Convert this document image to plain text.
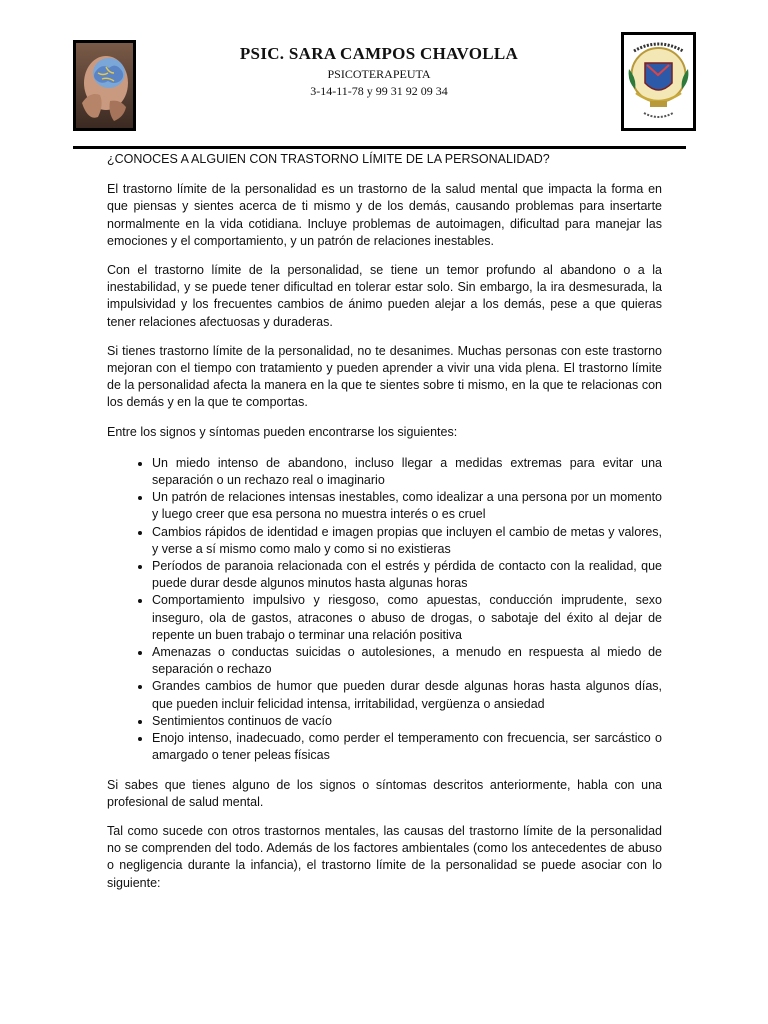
PSIC. SARA CAMPOS CHAVOLLA
PSICOTERAPEUTA
3-14-11-78 y 99 31 92 09 34
¿CONOCES A ALGUIEN CON TRASTORNO LÍMITE DE LA PERSONALIDAD?

El trastorno límite de la personalidad es un trastorno de la salud mental que impacta la forma en que piensas y sientes acerca de ti mismo y de los demás, causando problemas para insertarte normalmente en la vida cotidiana. Incluye problemas de autoimagen, dificultad para manejar las emociones y el comportamiento, y un patrón de relaciones inestables.

Con el trastorno límite de la personalidad, se tiene un temor profundo al abandono o a la inestabilidad, y se puede tener dificultad en tolerar estar solo. Sin embargo, la ira desmesurada, la impulsividad y los frecuentes cambios de ánimo pueden alejar a los demás, pese a que quieras tener relaciones afectuosas y duraderas.

Si tienes trastorno límite de la personalidad, no te desanimes. Muchas personas con este trastorno mejoran con el tiempo con tratamiento y pueden aprender a vivir una vida plena. El trastorno límite de la personalidad afecta la manera en la que te sientes sobre ti mismo, en la que te relacionas con los demás y en la que te comportas.

Entre los signos y síntomas pueden encontrarse los siguientes:

• Un miedo intenso de abandono, incluso llegar a medidas extremas para evitar una separación o un rechazo real o imaginario
• Un patrón de relaciones intensas inestables, como idealizar a una persona por un momento y luego creer que esa persona no muestra interés o es cruel
• Cambios rápidos de identidad e imagen propias que incluyen el cambio de metas y valores, y verse a sí mismo como malo y como si no existieras
• Períodos de paranoia relacionada con el estrés y pérdida de contacto con la realidad, que puede durar desde algunos minutos hasta algunas horas
• Comportamiento impulsivo y riesgoso, como apuestas, conducción imprudente, sexo inseguro, ola de gastos, atracones o abuso de drogas, o sabotaje del éxito al dejar de repente un buen trabajo o terminar una relación positiva
• Amenazas o conductas suicidas o autolesiones, a menudo en respuesta al miedo de separación o rechazo
• Grandes cambios de humor que pueden durar desde algunas horas hasta algunos días, que pueden incluir felicidad intensa, irritabilidad, vergüenza o ansiedad
• Sentimientos continuos de vacío
• Enojo intenso, inadecuado, como perder el temperamento con frecuencia, ser sarcástico o amargado o tener peleas físicas

Si sabes que tienes alguno de los signos o síntomas descritos anteriormente, habla con una profesional de salud mental.

Tal como sucede con otros trastornos mentales, las causas del trastorno límite de la personalidad no se comprenden del todo. Además de los factores ambientales (como los antecedentes de abuso o negligencia durante la infancia), el trastorno límite de la personalidad se puede asociar con lo siguiente:
